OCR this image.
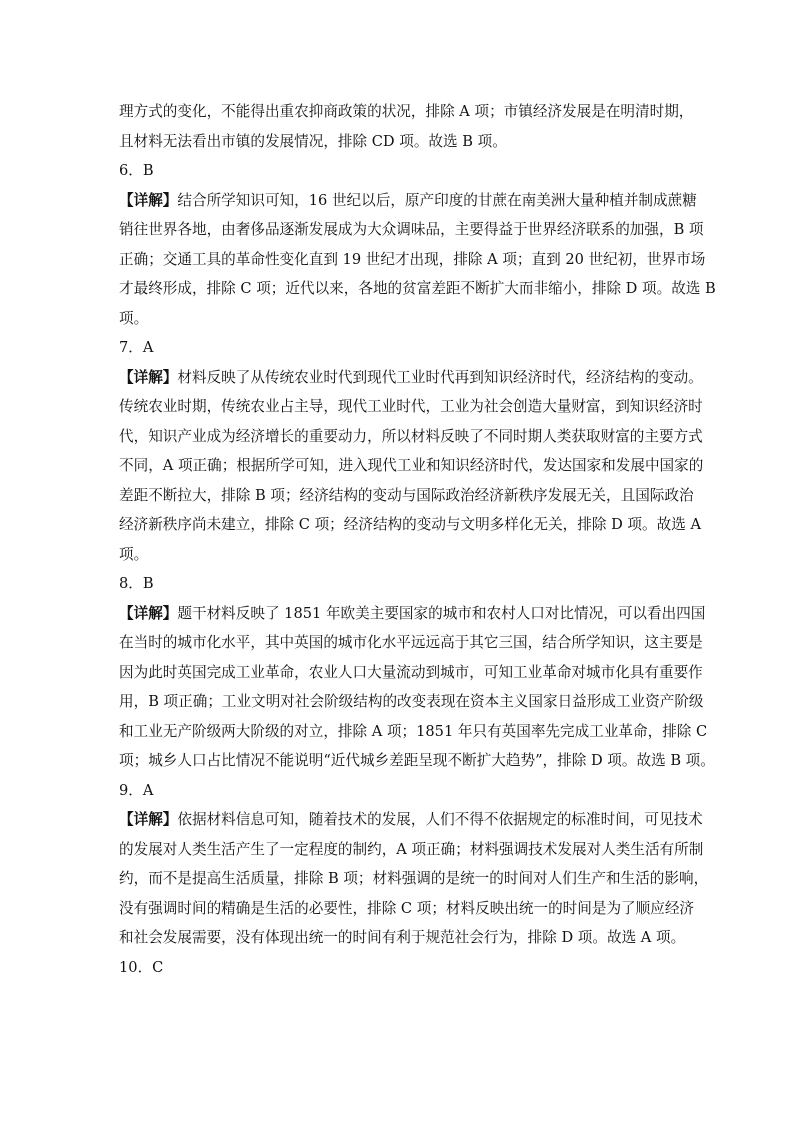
理方式的变化，不能得出重农抑商政策的状况，排除 A 项；市镇经济发展是在明清时期，
且材料无法看出市镇的发展情况，排除 CD 项。故选 B 项。
6．B
【详解】结合所学知识可知，16 世纪以后，原产印度的甘蔗在南美洲大量种植并制成蔗糖
销往世界各地，由奢侈品逐渐发展成为大众调味品，主要得益于世界经济联系的加强，B 项
正确；交通工具的革命性变化直到 19 世纪才出现，排除 A 项；直到 20 世纪初，世界市场
才最终形成，排除 C 项；近代以来，各地的贫富差距不断扩大而非缩小，排除 D 项。故选 B
项。
7．A
【详解】材料反映了从传统农业时代到现代工业时代再到知识经济时代，经济结构的变动。
传统农业时期，传统农业占主导，现代工业时代，工业为社会创造大量财富，到知识经济时
代，知识产业成为经济增长的重要动力，所以材料反映了不同时期人类获取财富的主要方式
不同，A 项正确；根据所学可知，进入现代工业和知识经济时代，发达国家和发展中国家的
差距不断拉大，排除 B 项；经济结构的变动与国际政治经济新秩序发展无关，且国际政治
经济新秩序尚未建立，排除 C 项；经济结构的变动与文明多样化无关，排除 D 项。故选 A
项。
8．B
【详解】题干材料反映了 1851 年欧美主要国家的城市和农村人口对比情况，可以看出四国
在当时的城市化水平，其中英国的城市化水平远远高于其它三国，结合所学知识，这主要是
因为此时英国完成工业革命，农业人口大量流动到城市，可知工业革命对城市化具有重要作
用，B 项正确；工业文明对社会阶级结构的改变表现在资本主义国家日益形成工业资产阶级
和工业无产阶级两大阶级的对立，排除 A 项；1851 年只有英国率先完成工业革命，排除 C
项；城乡人口占比情况不能说明“近代城乡差距呈现不断扩大趋势”，排除 D 项。故选 B 项。
9．A
【详解】依据材料信息可知，随着技术的发展，人们不得不依据规定的标准时间，可见技术
的发展对人类生活产生了一定程度的制约，A 项正确；材料强调技术发展对人类生活有所制
约，而不是提高生活质量，排除 B 项；材料强调的是统一的时间对人们生产和生活的影响，
没有强调时间的精确是生活的必要性，排除 C 项；材料反映出统一的时间是为了顺应经济
和社会发展需要，没有体现出统一的时间有利于规范社会行为，排除 D 项。故选 A 项。
10．C
